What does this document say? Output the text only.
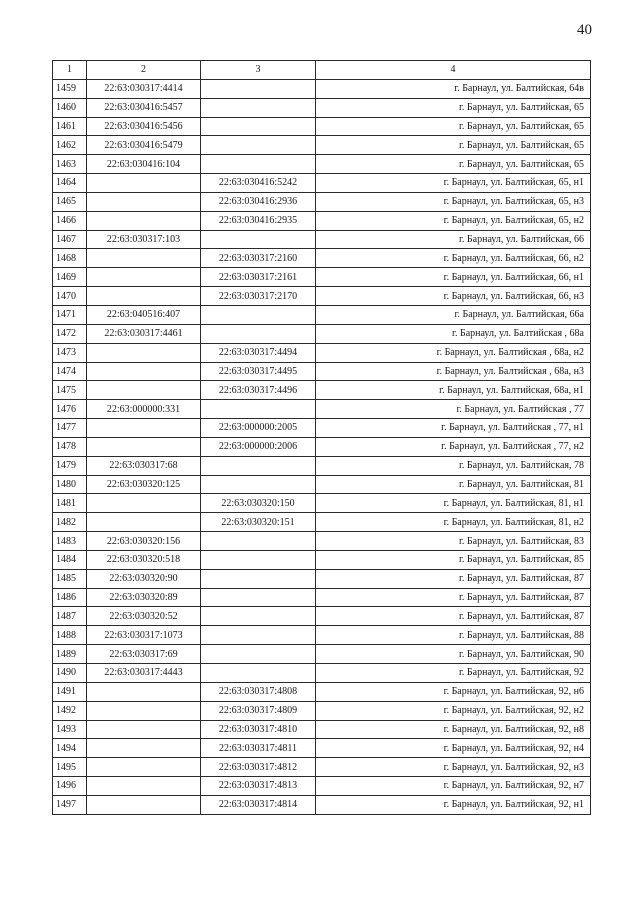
40
1	2	3	4
1459	22:63:030317:4414		г. Барнаул, ул. Балтийская, 64в
1460	22:63:030416:5457		г. Барнаул, ул. Балтийская, 65
1461	22:63:030416:5456		г. Барнаул, ул. Балтийская, 65
1462	22:63:030416:5479		г. Барнаул, ул. Балтийская, 65
1463	22:63:030416:104		г. Барнаул, ул. Балтийская, 65
1464		22:63:030416:5242	г. Барнаул, ул. Балтийская, 65, н1
1465		22:63:030416:2936	г. Барнаул, ул. Балтийская, 65, н3
1466		22:63:030416:2935	г. Барнаул, ул. Балтийская, 65, н2
1467	22:63:030317:103		г. Барнаул, ул. Балтийская, 66
1468		22:63:030317:2160	г. Барнаул, ул. Балтийская, 66, н2
1469		22:63:030317:2161	г. Барнаул, ул. Балтийская, 66, н1
1470		22:63:030317:2170	г. Барнаул, ул. Балтийская, 66, н3
1471	22:63:040516:407		г. Барнаул, ул. Балтийская, 66а
1472	22:63:030317:4461		г. Барнаул, ул. Балтийская , 68а
1473		22:63:030317:4494	г. Барнаул, ул. Балтийская , 68а, н2
1474		22:63:030317:4495	г. Барнаул, ул. Балтийская , 68а, н3
1475		22:63:030317:4496	г. Барнаул, ул. Балтийская, 68а, н1
1476	22:63:000000:331		г. Барнаул, ул. Балтийская , 77
1477		22:63:000000:2005	г. Барнаул, ул. Балтийская , 77, н1
1478		22:63:000000:2006	г. Барнаул, ул. Балтийская , 77, н2
1479	22:63:030317:68		г. Барнаул, ул. Балтийская, 78
1480	22:63:030320:125		г. Барнаул, ул. Балтийская, 81
1481		22:63:030320:150	г. Барнаул, ул. Балтийская, 81, н1
1482		22:63:030320:151	г. Барнаул, ул. Балтийская, 81, н2
1483	22:63:030320:156		г. Барнаул, ул. Балтийская, 83
1484	22:63:030320:518		г. Барнаул, ул. Балтийская, 85
1485	22:63:030320:90		г. Барнаул, ул. Балтийская, 87
1486	22:63:030320:89		г. Барнаул, ул. Балтийская, 87
1487	22:63:030320:52		г. Барнаул, ул. Балтийская, 87
1488	22:63:030317:1073		г. Барнаул, ул. Балтийская, 88
1489	22:63:030317:69		г. Барнаул, ул. Балтийская, 90
1490	22:63:030317:4443		г. Барнаул, ул. Балтийская, 92
1491		22:63:030317:4808	г. Барнаул, ул. Балтийская, 92, н6
1492		22:63:030317:4809	г. Барнаул, ул. Балтийская, 92, н2
1493		22:63:030317:4810	г. Барнаул, ул. Балтийская, 92, н8
1494		22:63:030317:4811	г. Барнаул, ул. Балтийская, 92, н4
1495		22:63:030317:4812	г. Барнаул, ул. Балтийская, 92, н3
1496		22:63:030317:4813	г. Барнаул, ул. Балтийская, 92, н7
1497		22:63:030317:4814	г. Барнаул, ул. Балтийская, 92, н1
